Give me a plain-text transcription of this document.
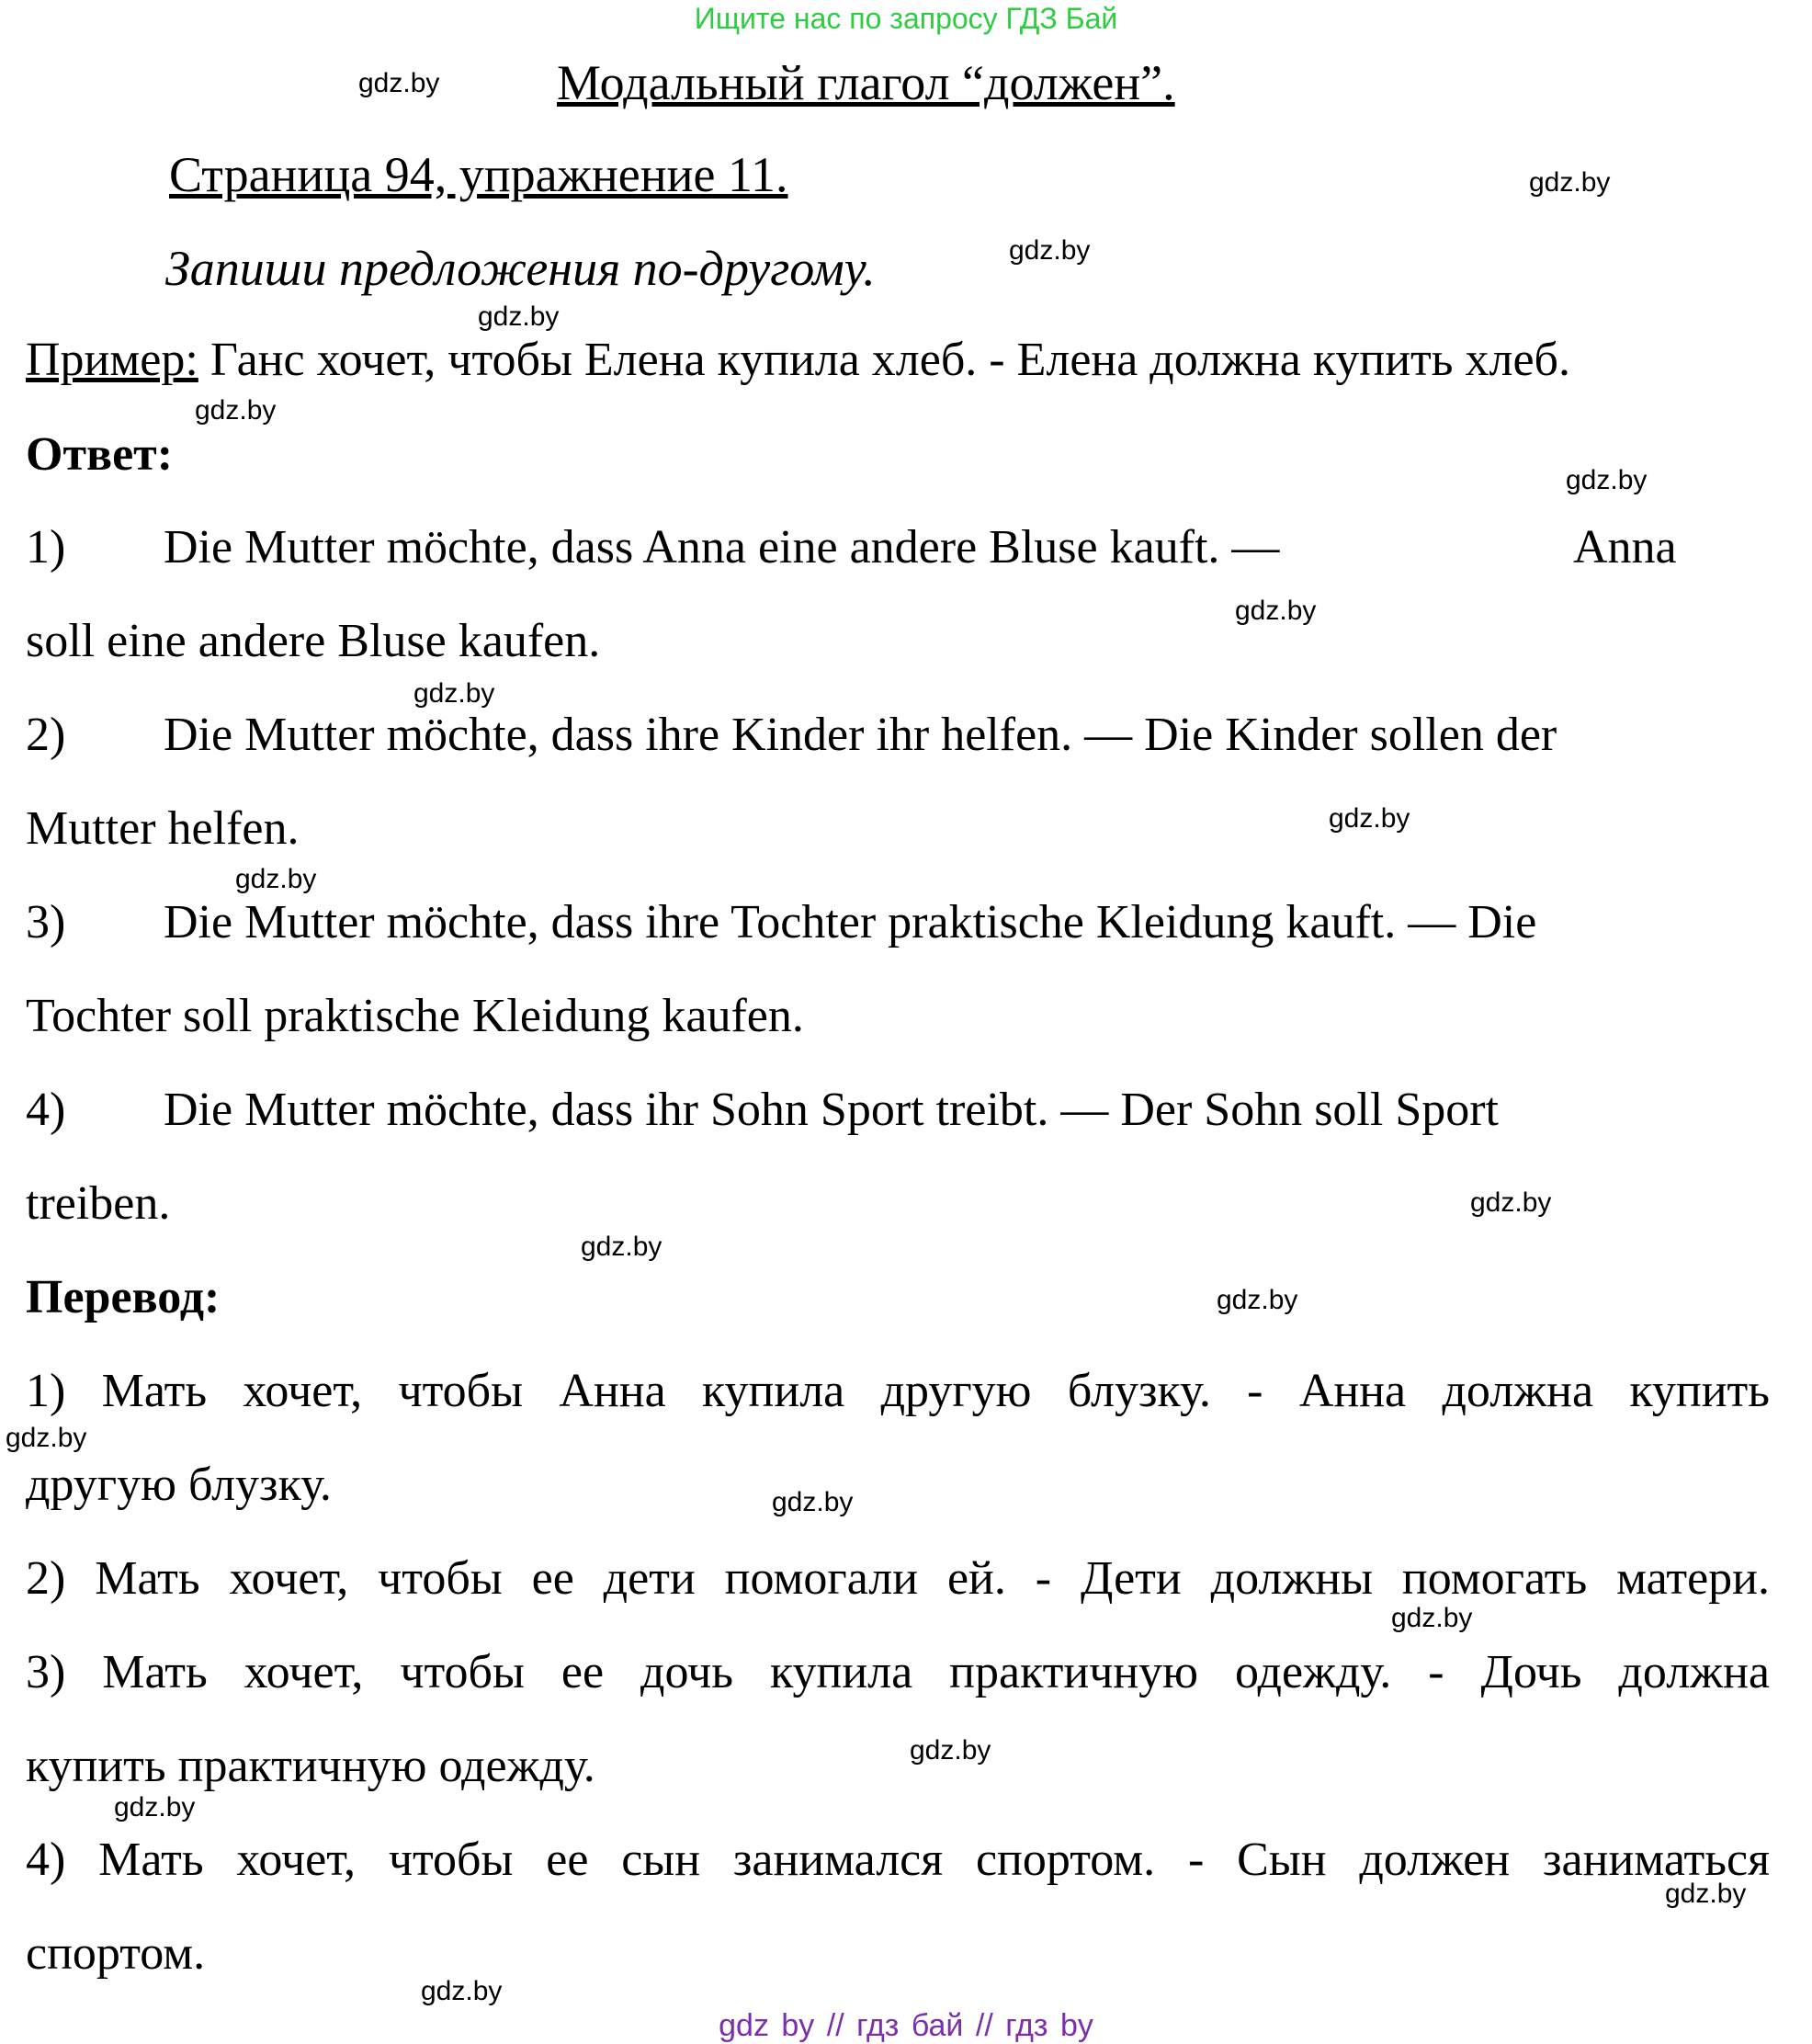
Ищите нас по запросу ГДЗ Бай
Модальный глагол “должен”.
Страница 94, упражнение 11.
Запиши предложения по-другому.
Пример: Ганс хочет, чтобы Елена купила хлеб. - Елена должна купить хлеб.
Ответ:
1) Die Mutter möchte, dass Anna eine andere Bluse kauft. —	Anna
soll eine andere Bluse kaufen.
2) Die Mutter möchte, dass ihre Kinder ihr helfen. — Die Kinder sollen der
Mutter helfen.
3) Die Mutter möchte, dass ihre Tochter praktische Kleidung kauft. — Die
Tochter soll praktische Kleidung kaufen.
4) Die Mutter möchte, dass ihr Sohn Sport treibt. — Der Sohn soll Sport
treiben.
Перевод:
1) Мать хочет, чтобы Анна купила другую блузку. - Анна должна купить
другую блузку.
2) Мать хочет, чтобы ее дети помогали ей. - Дети должны помогать матери.
3) Мать хочет, чтобы ее дочь купила практичную одежду. - Дочь должна
купить практичную одежду.
4) Мать хочет, чтобы ее сын занимался спортом. - Сын должен заниматься
спортом.
gdz.by
gdz.by
gdz.by
gdz.by
gdz.by
gdz.by
gdz.by
gdz.by
gdz.by
gdz.by
gdz.by
gdz.by
gdz.by
gdz.by
gdz.by
gdz.by
gdz.by
gdz.by
gdz.by
gdz.by
gdz by // гдз бай // гдз by
